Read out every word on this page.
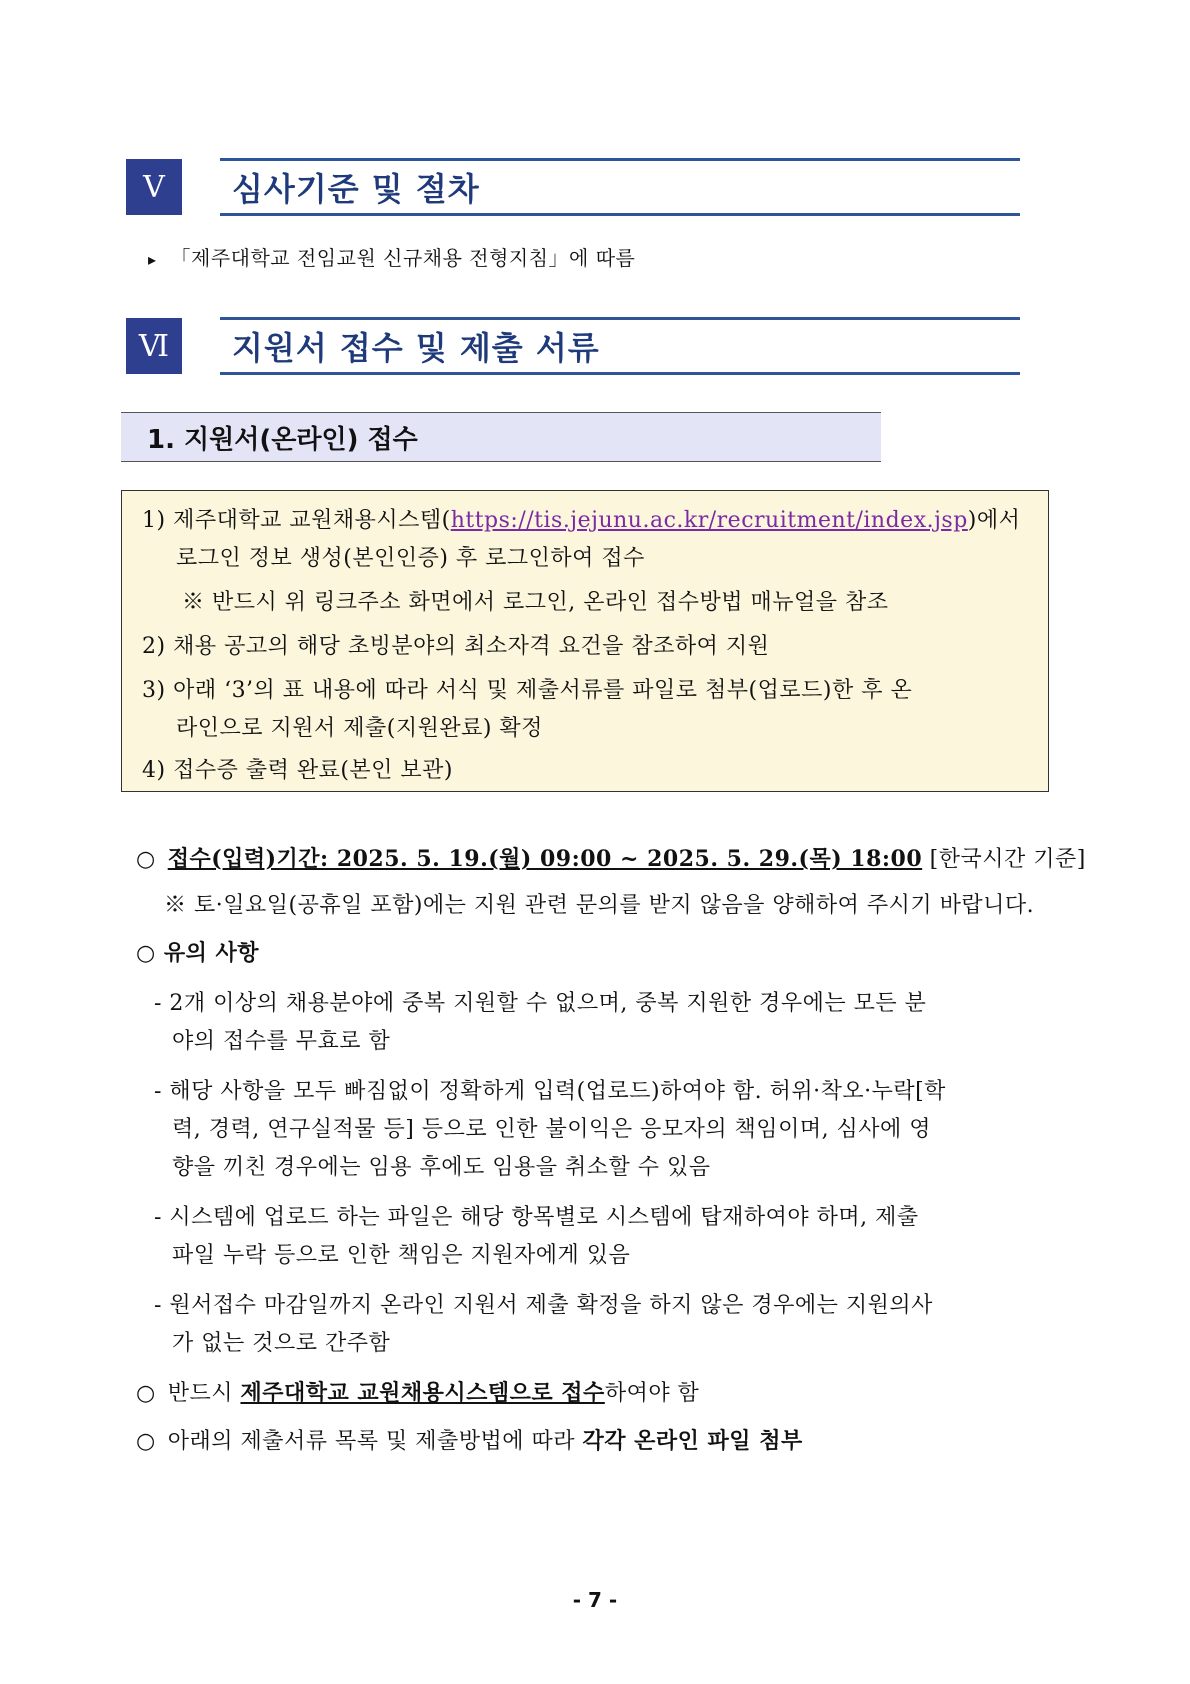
Ⅴ	심사기준 및 절차
▸ 「제주대학교 전임교원 신규채용 전형지침」에 따름
Ⅵ	지원서 접수 및 제출 서류
1. 지원서(온라인) 접수
1) 제주대학교 교원채용시스템(https://tis.jejunu.ac.kr/recruitment/index.jsp)에서
로그인 정보 생성(본인인증) 후 로그인하여 접수
※ 반드시 위 링크주소 화면에서 로그인, 온라인 접수방법 매뉴얼을 참조
2) 채용 공고의 해당 초빙분야의 최소자격 요건을 참조하여 지원
3) 아래 ‘3’의 표 내용에 따라 서식 및 제출서류를 파일로 첨부(업로드)한 후 온
라인으로 지원서 제출(지원완료) 확정
4) 접수증 출력 완료(본인 보관)
○ 접수(입력)기간: 2025. 5. 19.(월) 09:00 ~ 2025. 5. 29.(목) 18:00 [한국시간 기준]
※ 토·일요일(공휴일 포함)에는 지원 관련 문의를 받지 않음을 양해하여 주시기 바랍니다.
○ 유의 사항
- 2개 이상의 채용분야에 중복 지원할 수 없으며, 중복 지원한 경우에는 모든 분
야의 접수를 무효로 함
- 해당 사항을 모두 빠짐없이 정확하게 입력(업로드)하여야 함. 허위·착오·누락[학
력, 경력, 연구실적물 등] 등으로 인한 불이익은 응모자의 책임이며, 심사에 영
향을 끼친 경우에는 임용 후에도 임용을 취소할 수 있음
- 시스템에 업로드 하는 파일은 해당 항목별로 시스템에 탑재하여야 하며, 제출
파일 누락 등으로 인한 책임은 지원자에게 있음
- 원서접수 마감일까지 온라인 지원서 제출 확정을 하지 않은 경우에는 지원의사
가 없는 것으로 간주함
○ 반드시 제주대학교 교원채용시스템으로 접수하여야 함
○ 아래의 제출서류 목록 및 제출방법에 따라 각각 온라인 파일 첨부
- 7 -
